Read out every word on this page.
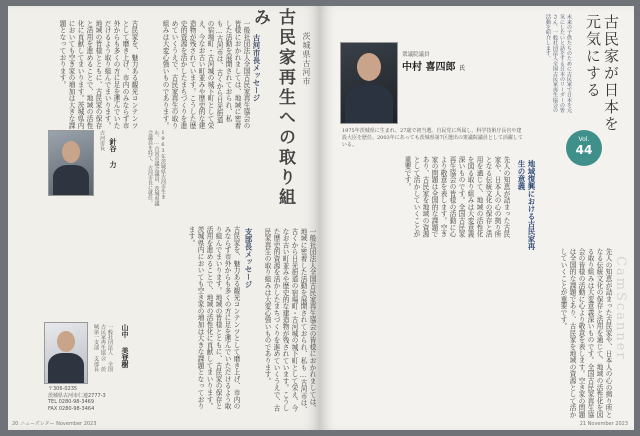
古民家再生への取り組み
茨城県古河市
古河市長メッセージ
一般社団法人全国古民家再生協会の皆様におかれましては、地域に密着した活動を展開されておられ、私も…古河市は、古くから日光街道の宿場町・古河城の城下町として栄え、今なお古い町並みや歴史的な建造物が残されています。こうした歴史的資源を活かしたまちづくりを進めていくうえで、古民家再生の取り組みは大変心強いものであります。
古民家を、魅力ある観光コンテンツとして磨き上げ、市内のみならず市外からも多くの方に足を運んでいただけるよう取り組んでまいります。地域の皆様とともに、古民家の保存と活用を進めることで、地域の活性化に貢献してまいります。茨城県内においても空き家の増加は大きな課題となっております。
古河市長 針谷 力	1963年茨城県古河市生まれ。…古河市議会議員、茨城県議会議員を経て、古河市長に就任。
支部長メッセージ
古民家を、魅力ある観光コンテンツとして磨き上げ、市内のみならず市外からも多くの方に足を運んでいただけるよう取り組んでまいります。地域の皆様とともに、古民家の保存と活用を進めることで、地域の活性化に貢献してまいります。茨城県内においても空き家の増加は大きな課題となっております。	一般社団法人全国古民家再生協会の皆様におかれましては、地域に密着した活動を展開されておられ、私も…古河市は、古くから日光街道の宿場町・古河城の城下町として栄え、今なお古い町並みや歴史的な建造物が残されています。こうした歴史的資源を活かしたまちづくりを進めていくうえで、古民家再生の取り組みは大変心強いものであります。
一般社団法人 全国古民家再生協会 茨城第一支部 支部長	山中 美登樹
〒306-0235
茨城県古河市仁連2777-3
TEL 0280-98-3469
FAX 0280-98-3464
20 ニューズレター November 2023
古民家が日本を元気にする
未来の子供たちのために古民家で日本を元気にしたいと話をする日本のリーダーの皆さん。一般社団法人全国古民家再生協会の活動を紹介します。
Vol.
44
衆議院議員
中村 喜四郎 氏
1975年茨城県に生まれ、27歳で初当選。自民党に所属し、科学技術庁長官や建設大臣を歴任。2003年にあっても茨城県第7区選出の衆議院議員として活躍している。
地域復興における古民家再生の意義
先人の知恵が詰まった古民家や、日本人の心の拠り所となる伝統文化の保存と活用を通じて、地域の活性化を図る取り組みは大変意義深いものです。全国古民家再生協会の皆様の活動に心より敬意を表します。空き家の問題は全国的な課題であり、古民家を地域の資源として活かしていくことが重要です。
先人の知恵が詰まった古民家や、日本人の心の拠り所となる伝統文化の保存と活用を通じて、地域の活性化を図る取り組みは大変意義深いものです。全国古民家再生協会の皆様の活動に心より敬意を表します。空き家の問題は全国的な課題であり、古民家を地域の資源として活かしていくことが重要です。	CamScanner
21 November 2023
